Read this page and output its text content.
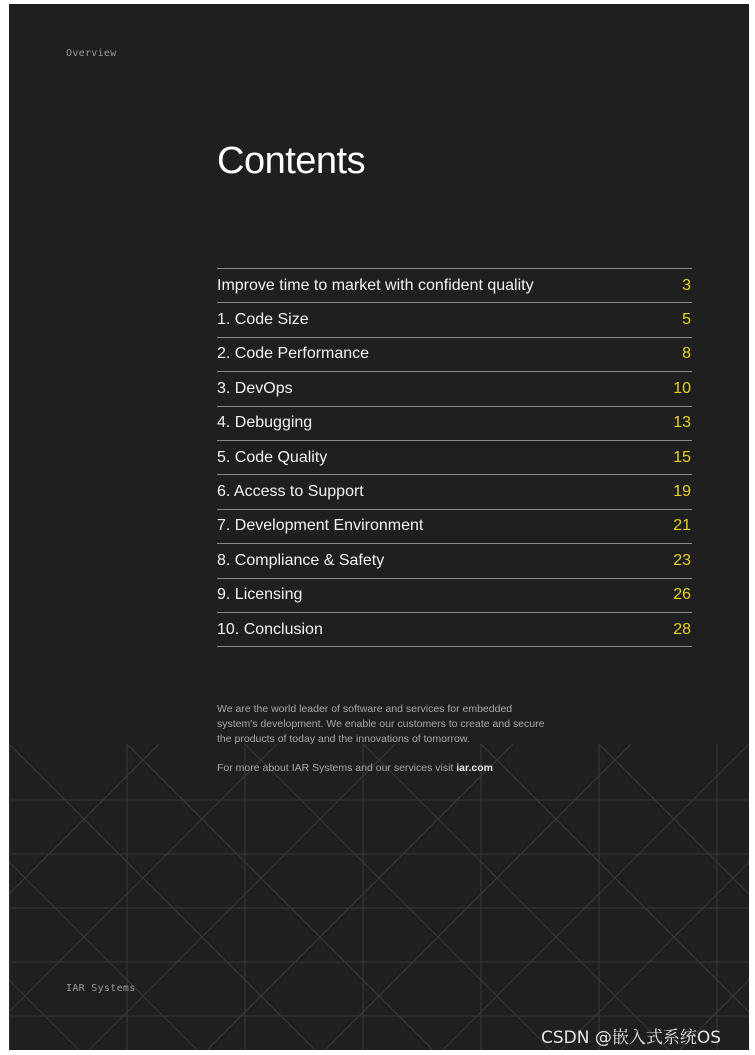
Overview
Contents
Improve time to market with confident quality	3
1. Code Size	5
2. Code Performance	8
3. DevOps	10
4. Debugging	13
5. Code Quality	15
6. Access to Support	19
7. Development Environment	21
8. Compliance & Safety	23
9. Licensing	26
10. Conclusion	28

We are the world leader of software and services for embedded system's development. We enable our customers to create and secure the products of today and the innovations of tomorrow.

For more about IAR Systems and our services visit iar.com

IAR Systems
CSDN @嵌入式系统OS
